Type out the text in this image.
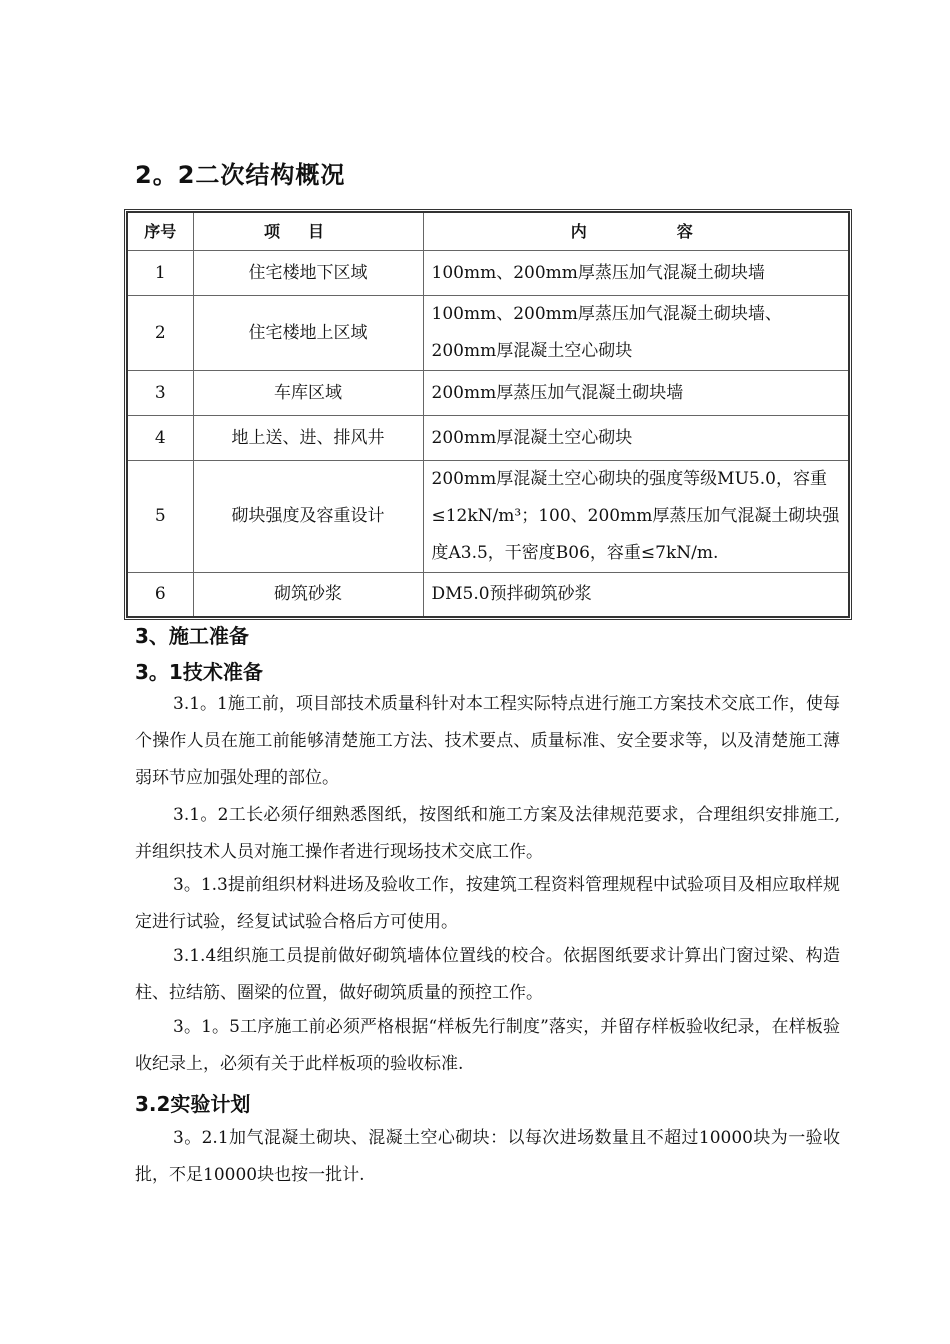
2。2二次结构概况
序号	项目	内容
1	住宅楼地下区域	100mm、200mm厚蒸压加气混凝土砌块墙
2	住宅楼地上区域	100mm、200mm厚蒸压加气混凝土砌块墙、200mm厚混凝土空心砌块
3	车库区域	200mm厚蒸压加气混凝土砌块墙
4	地上送、进、排风井	200mm厚混凝土空心砌块
5	砌块强度及容重设计	200mm厚混凝土空心砌块的强度等级MU5.0，容重≤12kN/m³；100、200mm厚蒸压加气混凝土砌块强度A3.5，干密度B06，容重≤7kN/m.
6	砌筑砂浆	DM5.0预拌砌筑砂浆
3、施工准备
3。1技术准备
3.1。1施工前，项目部技术质量科针对本工程实际特点进行施工方案技术交底工作，使每个操作人员在施工前能够清楚施工方法、技术要点、质量标准、安全要求等，以及清楚施工薄弱环节应加强处理的部位。
3.1。2工长必须仔细熟悉图纸，按图纸和施工方案及法律规范要求，合理组织安排施工,并组织技术人员对施工操作者进行现场技术交底工作。
3。1.3提前组织材料进场及验收工作，按建筑工程资料管理规程中试验项目及相应取样规定进行试验，经复试试验合格后方可使用。
3.1.4组织施工员提前做好砌筑墙体位置线的校合。依据图纸要求计算出门窗过梁、构造柱、拉结筋、圈梁的位置，做好砌筑质量的预控工作。
3。1。5工序施工前必须严格根据“样板先行制度”落实，并留存样板验收纪录，在样板验收纪录上，必须有关于此样板项的验收标准.
3.2实验计划
3。2.1加气混凝土砌块、混凝土空心砌块：以每次进场数量且不超过10000块为一验收批，不足10000块也按一批计.
